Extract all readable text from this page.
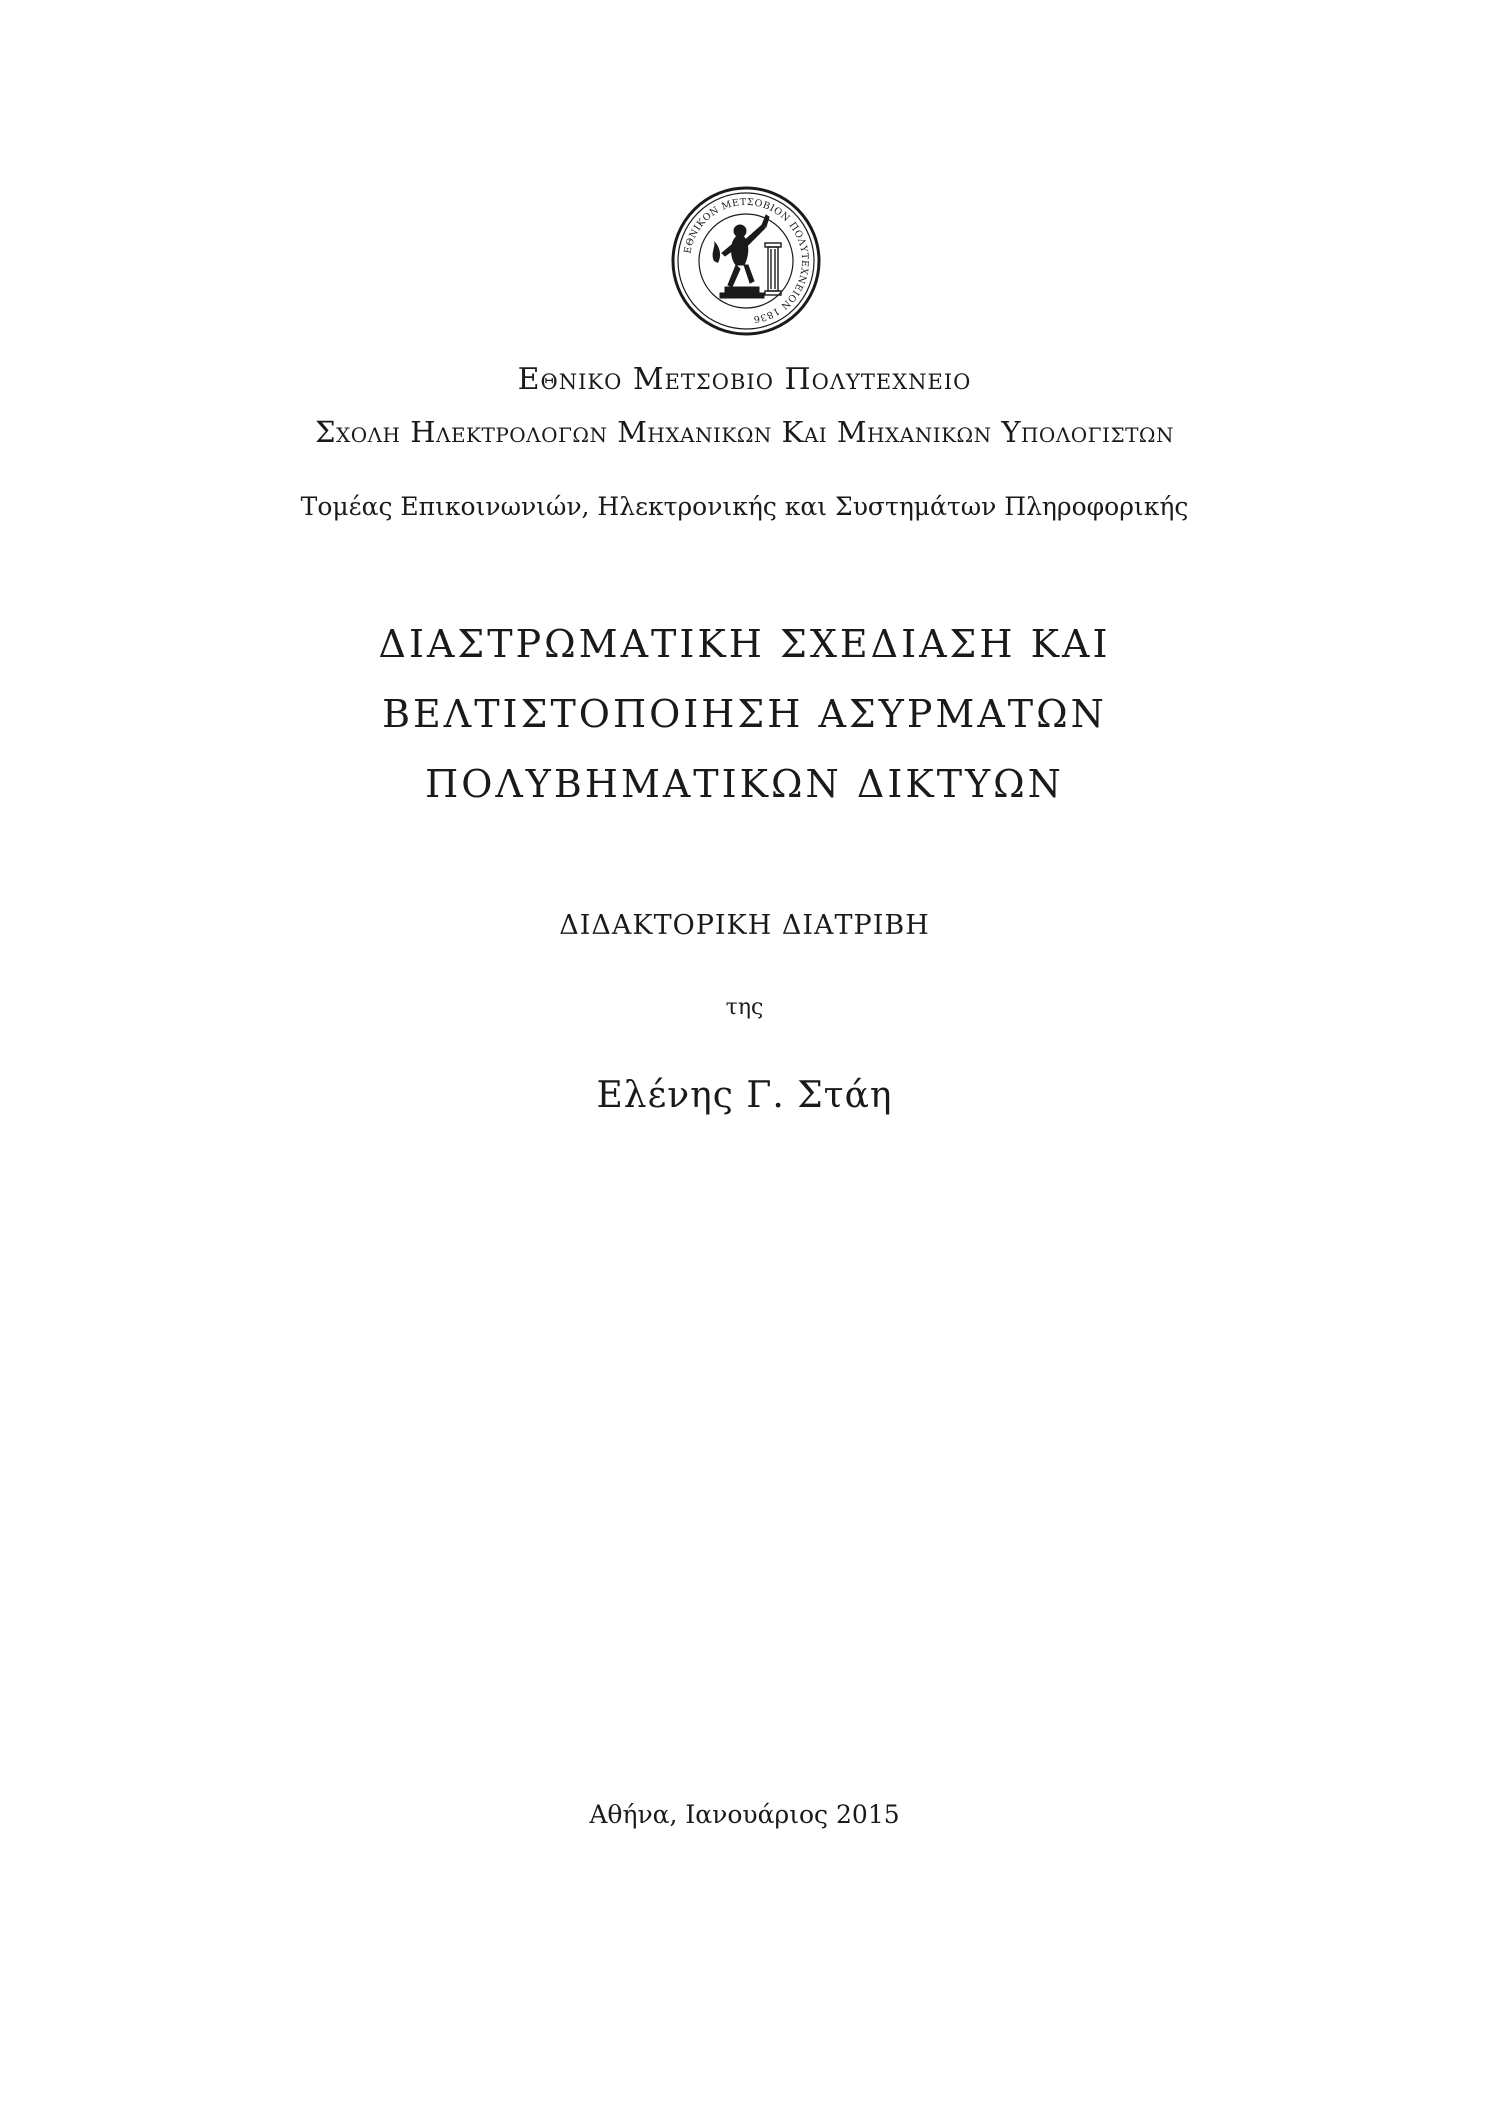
ΕΘΝΙΚΟΝ ΜΕΤΣΟΒΙΟΝ ΠΟΛΥΤΕΧΝΕΙΟΝ 1836
Εθνικο Μετσοβιο Πολυτεχνειο
Σχολη Ηλεκτρολογων Μηχανικων Και Μηχανικων Υπολογιστων
Τομέας Επικοινωνιών, Ηλεκτρονικής και Συστημάτων Πληροφορικής
ΔΙΑΣΤΡΩΜΑΤΙΚΗ ΣΧΕΔΙΑΣΗ ΚΑΙ
ΒΕΛΤΙΣΤΟΠΟΙΗΣΗ ΑΣΥΡΜΑΤΩΝ
ΠΟΛΥΒΗΜΑΤΙΚΩΝ ΔΙΚΤΥΩΝ
ΔΙΔΑΚΤΟΡΙΚΗ ΔΙΑΤΡΙΒΗ
της
Ελένης Γ. Στάη
Αθήνα, Ιανουάριος 2015
